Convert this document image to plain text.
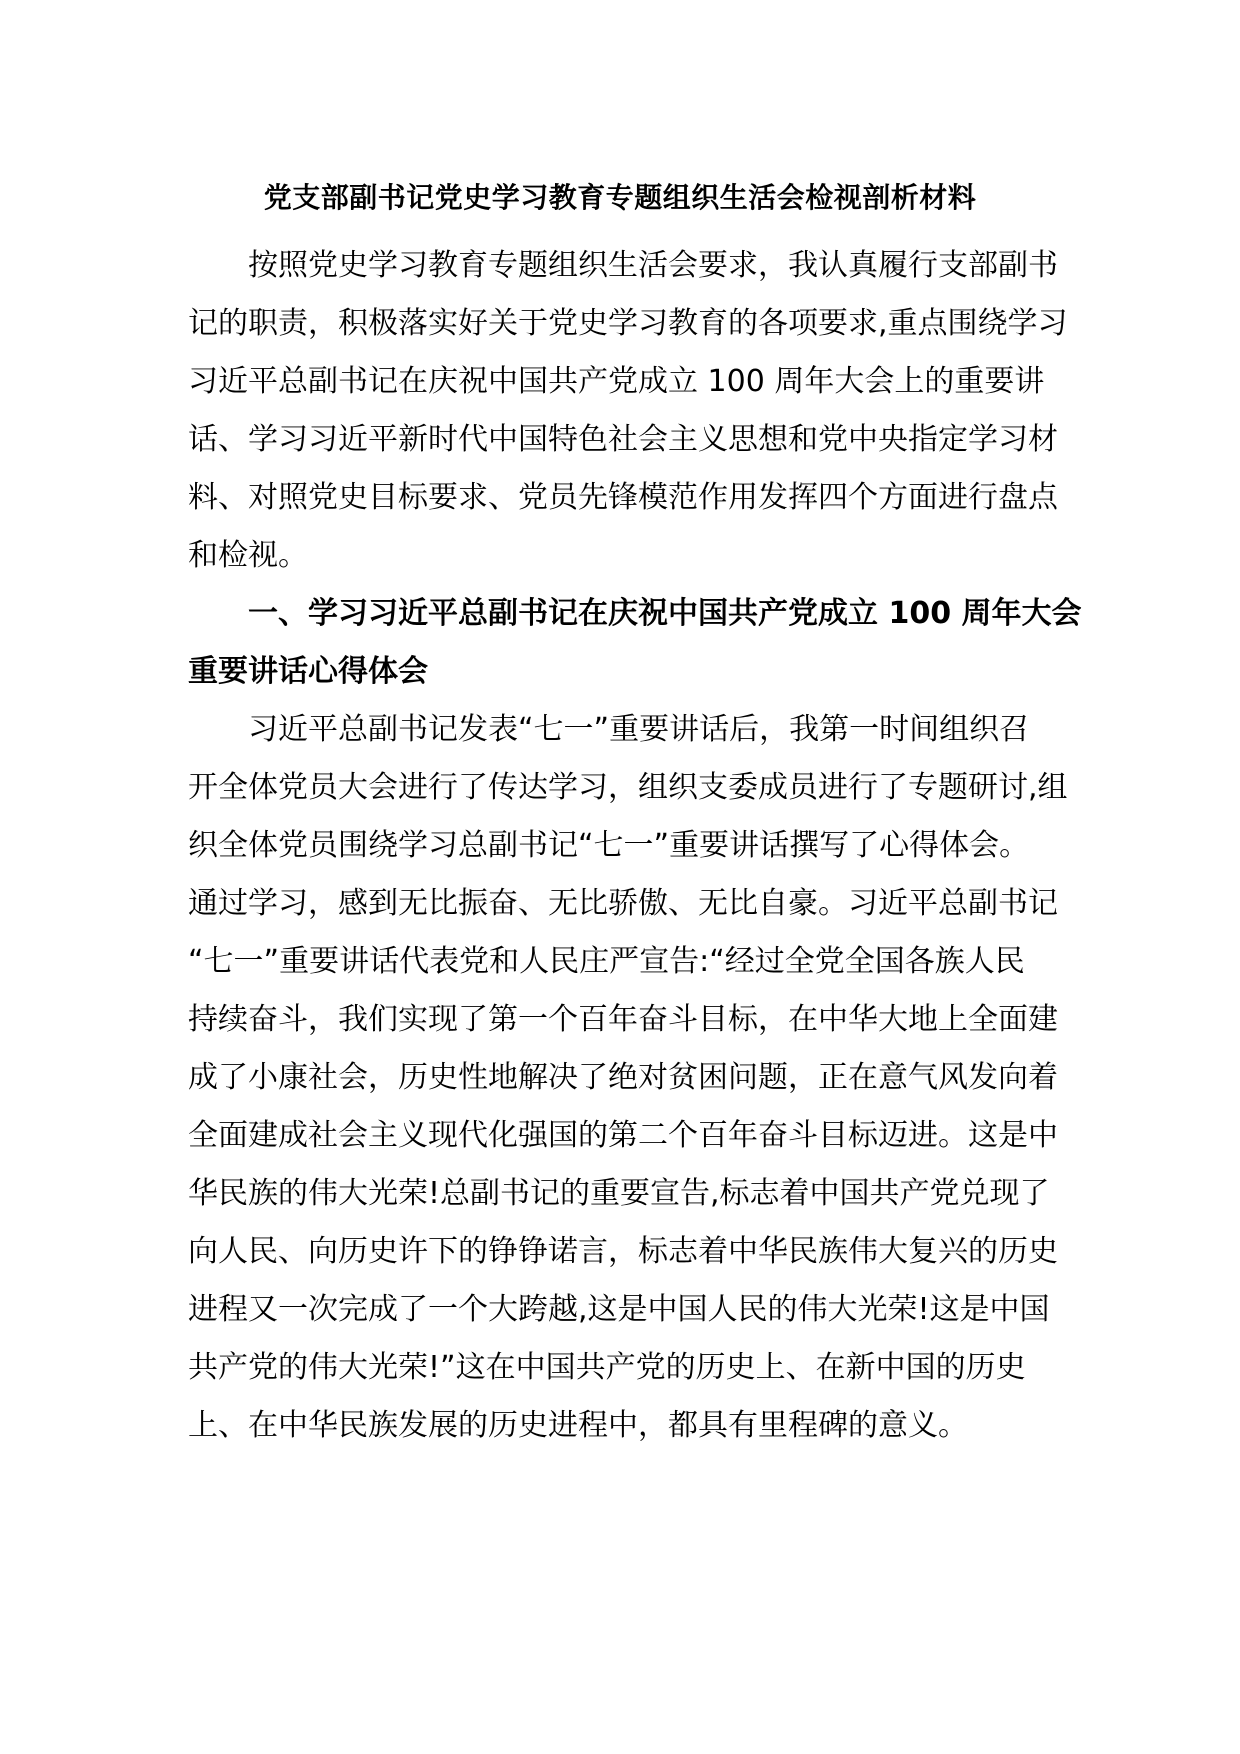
党支部副书记党史学习教育专题组织生活会检视剖析材料
按照党史学习教育专题组织生活会要求，我认真履行支部副书
记的职责，积极落实好关于党史学习教育的各项要求,重点围绕学习
习近平总副书记在庆祝中国共产党成立 100 周年大会上的重要讲
话、学习习近平新时代中国特色社会主义思想和党中央指定学习材
料、对照党史目标要求、党员先锋模范作用发挥四个方面进行盘点
和检视。
一、学习习近平总副书记在庆祝中国共产党成立 100 周年大会
重要讲话心得体会
习近平总副书记发表“七一”重要讲话后，我第一时间组织召
开全体党员大会进行了传达学习，组织支委成员进行了专题研讨,组
织全体党员围绕学习总副书记“七一”重要讲话撰写了心得体会。
通过学习，感到无比振奋、无比骄傲、无比自豪。习近平总副书记
“七一”重要讲话代表党和人民庄严宣告:“经过全党全国各族人民
持续奋斗，我们实现了第一个百年奋斗目标，在中华大地上全面建
成了小康社会，历史性地解决了绝对贫困问题，正在意气风发向着
全面建成社会主义现代化强国的第二个百年奋斗目标迈进。这是中
华民族的伟大光荣!总副书记的重要宣告,标志着中国共产党兑现了
向人民、向历史许下的铮铮诺言，标志着中华民族伟大复兴的历史
进程又一次完成了一个大跨越,这是中国人民的伟大光荣!这是中国
共产党的伟大光荣!”这在中国共产党的历史上、在新中国的历史
上、在中华民族发展的历史进程中，都具有里程碑的意义。
